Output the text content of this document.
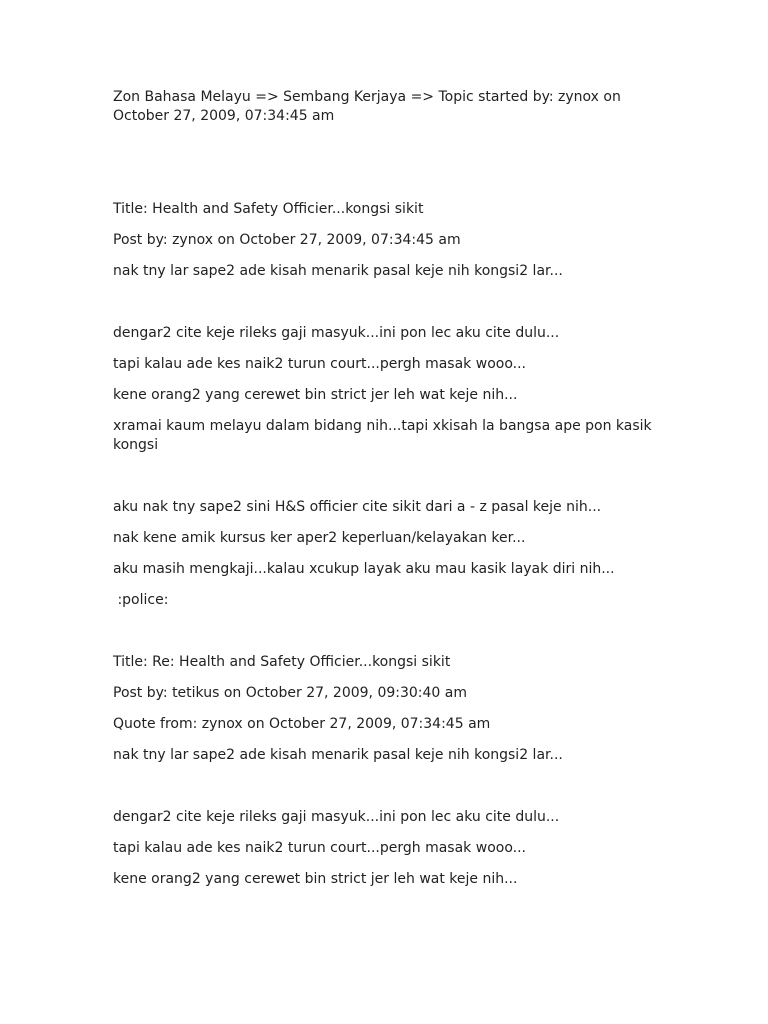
Zon Bahasa Melayu => Sembang Kerjaya => Topic started by: zynox on
October 27, 2009, 07:34:45 am
Title: Health and Safety Officier...kongsi sikit
Post by: zynox on October 27, 2009, 07:34:45 am
nak tny lar sape2 ade kisah menarik pasal keje nih kongsi2 lar...
dengar2 cite keje rileks gaji masyuk...ini pon lec aku cite dulu...
tapi kalau ade kes naik2 turun court...pergh masak wooo...
kene orang2 yang cerewet bin strict jer leh wat keje nih...
xramai kaum melayu dalam bidang nih...tapi xkisah la bangsa ape pon kasik
kongsi
aku nak tny sape2 sini H&S officier cite sikit dari a - z pasal keje nih...
nak kene amik kursus ker aper2 keperluan/kelayakan ker...
aku masih mengkaji...kalau xcukup layak aku mau kasik layak diri nih...
:police:
Title: Re: Health and Safety Officier...kongsi sikit
Post by: tetikus on October 27, 2009, 09:30:40 am
Quote from: zynox on October 27, 2009, 07:34:45 am
nak tny lar sape2 ade kisah menarik pasal keje nih kongsi2 lar...
dengar2 cite keje rileks gaji masyuk...ini pon lec aku cite dulu...
tapi kalau ade kes naik2 turun court...pergh masak wooo...
kene orang2 yang cerewet bin strict jer leh wat keje nih...
